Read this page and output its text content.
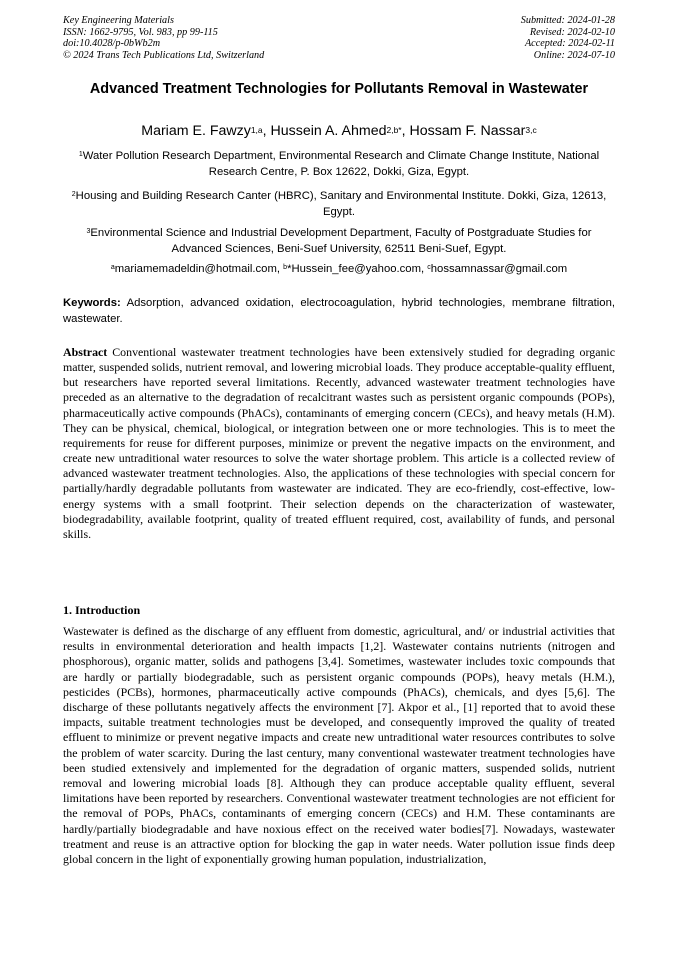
Key Engineering Materials
ISSN: 1662-9795, Vol. 983, pp 99-115
doi:10.4028/p-0bWb2m
© 2024 Trans Tech Publications Ltd, Switzerland
Submitted: 2024-01-28
Revised: 2024-02-10
Accepted: 2024-02-11
Online: 2024-07-10
Advanced Treatment Technologies for Pollutants Removal in Wastewater
Mariam E. Fawzy$^{1,a}$, Hussein A. Ahmed$^{2,b*}$, Hossam F. Nassar$^{3,c}$
$^1$Water Pollution Research Department, Environmental Research and Climate Change Institute, National Research Centre, P. Box 12622, Dokki, Giza, Egypt.
$^2$Housing and Building Research Canter (HBRC), Sanitary and Environmental Institute. Dokki, Giza, 12613, Egypt.
$^3$Environmental Science and Industrial Development Department, Faculty of Postgraduate Studies for Advanced Sciences, Beni-Suef University, 62511 Beni-Suef, Egypt.
$^a$mariamemadeldin@hotmail.com, $^b$*Hussein_fee@yahoo.com, $^c$hossamnassar@gmail.com
Keywords: Adsorption, advanced oxidation, electrocoagulation, hybrid technologies, membrane filtration, wastewater.
Abstract Conventional wastewater treatment technologies have been extensively studied for degrading organic matter, suspended solids, nutrient removal, and lowering microbial loads. They produce acceptable-quality effluent, but researchers have reported several limitations. Recently, advanced wastewater treatment technologies have preceded as an alternative to the degradation of recalcitrant wastes such as persistent organic compounds (POPs), pharmaceutically active compounds (PhACs), contaminants of emerging concern (CECs), and heavy metals (H.M). They can be physical, chemical, biological, or integration between one or more technologies. This is to meet the requirements for reuse for different purposes, minimize or prevent the negative impacts on the environment, and create new untraditional water resources to solve the water shortage problem. This article is a collected review of advanced wastewater treatment technologies. Also, the applications of these technologies with special concern for partially/hardly degradable pollutants from wastewater are indicated. They are eco-friendly, cost-effective, low-energy systems with a small footprint. Their selection depends on the characterization of wastewater, biodegradability, available footprint, quality of treated effluent required, cost, availability of funds, and personal skills.
1. Introduction
Wastewater is defined as the discharge of any effluent from domestic, agricultural, and/ or industrial activities that results in environmental deterioration and health impacts [1,2]. Wastewater contains nutrients (nitrogen and phosphorous), organic matter, solids and pathogens [3,4]. Sometimes, wastewater includes toxic compounds that are hardly or partially biodegradable, such as persistent organic compounds (POPs), heavy metals (H.M.), pesticides (PCBs), hormones, pharmaceutically active compounds (PhACs), chemicals, and dyes [5,6]. The discharge of these pollutants negatively affects the environment [7]. Akpor et al., [1] reported that to avoid these impacts, suitable treatment technologies must be developed, and consequently improved the quality of treated effluent to minimize or prevent negative impacts and create new untraditional water resources contributes to solve the problem of water scarcity. During the last century, many conventional wastewater treatment technologies have been studied extensively and implemented for the degradation of organic matters, suspended solids, nutrient removal and lowering microbial loads [8]. Although they can produce acceptable quality effluent, several limitations have been reported by researchers. Conventional wastewater treatment technologies are not efficient for the removal of POPs, PhACs, contaminants of emerging concern (CECs) and H.M. These contaminants are hardly/partially biodegradable and have noxious effect on the received water bodies[7]. Nowadays, wastewater treatment and reuse is an attractive option for blocking the gap in water needs. Water pollution issue finds deep global concern in the light of exponentially growing human population, industrialization,
